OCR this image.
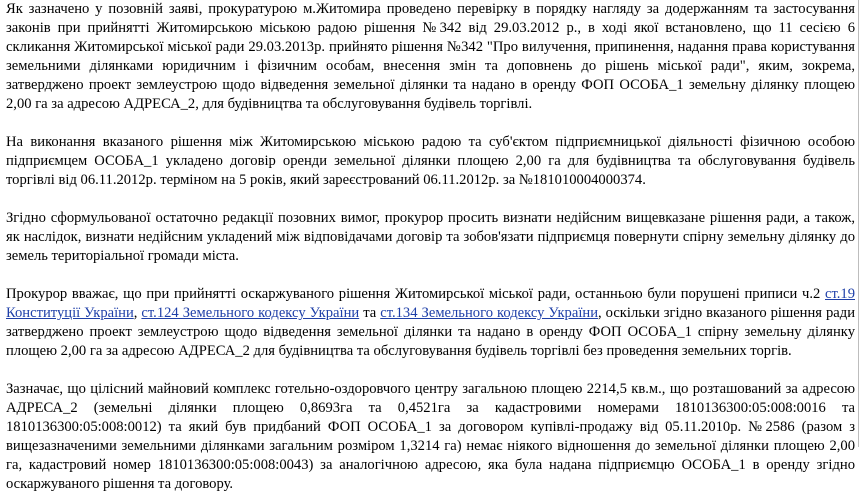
Як зазначено у позовній заяві, прокуратурою м.Житомира проведено перевірку в порядку нагляду за додержанням та застосування законів при прийнятті Житомирською міською радою рішення №342 від 29.03.2012 р., в ході якої встановлено, що 11 сесією 6 скликання Житомирської міської ради 29.03.2013р. прийнято рішення №342 "Про вилучення, припинення, надання права користування земельними ділянками юридичним і фізичним особам, внесення змін та доповнень до рішень міської ради", яким, зокрема, затверджено проект землеустрою щодо відведення земельної ділянки та надано в оренду ФОП ОСОБА_1 земельну ділянку площею 2,00 га за адресою АДРЕСА_2, для будівництва та обслуговування будівель торгівлі.

На виконання вказаного рішення між Житомирською міською радою та суб'єктом підприємницької діяльності фізичною особою підприємцем ОСОБА_1 укладено договір оренди земельної ділянки площею 2,00 га для будівництва та обслуговування будівель торгівлі від 06.11.2012р. терміном на 5 років, який зареєстрований 06.11.2012р. за №181010004000374.

Згідно сформульованої остаточно редакції позовних вимог, прокурор просить визнати недійсним вищевказане рішення ради, а також, як наслідок, визнати недійсним укладений між відповідачами договір та зобов'язати підприємця повернути спірну земельну ділянку до земель територіальної громади міста.

Прокурор вважає, що при прийнятті оскаржуваного рішення Житомирської міської ради, останньою були порушені приписи ч.2 ст.19 Конституції України, ст.124 Земельного кодексу України та ст.134 Земельного кодексу України, оскільки згідно вказаного рішення ради затверджено проект землеустрою щодо відведення земельної ділянки та надано в оренду ФОП ОСОБА_1 спірну земельну ділянку площею 2,00 га за адресою АДРЕСА_2 для будівництва та обслуговування будівель торгівлі без проведення земельних торгів.

Зазначає, що цілісний майновий комплекс готельно-оздоровчого центру загальною площею 2214,5 кв.м., що розташований за адресою АДРЕСА_2 (земельні ділянки площею 0,8693га та 0,4521га за кадастровими номерами 1810136300:05:008:0016 та 1810136300:05:008:0012) та який був придбаний ФОП ОСОБА_1 за договором купівлі-продажу від 05.11.2010р. №2586 (разом з вищезазначеними земельними ділянками загальним розміром 1,3214 га) немає ніякого відношення до земельної ділянки площею 2,00 га, кадастровий номер 1810136300:05:008:0043) за аналогічною адресою, яка була надана підприємцю ОСОБА_1 в оренду згідно оскаржуваного рішення та договору.
